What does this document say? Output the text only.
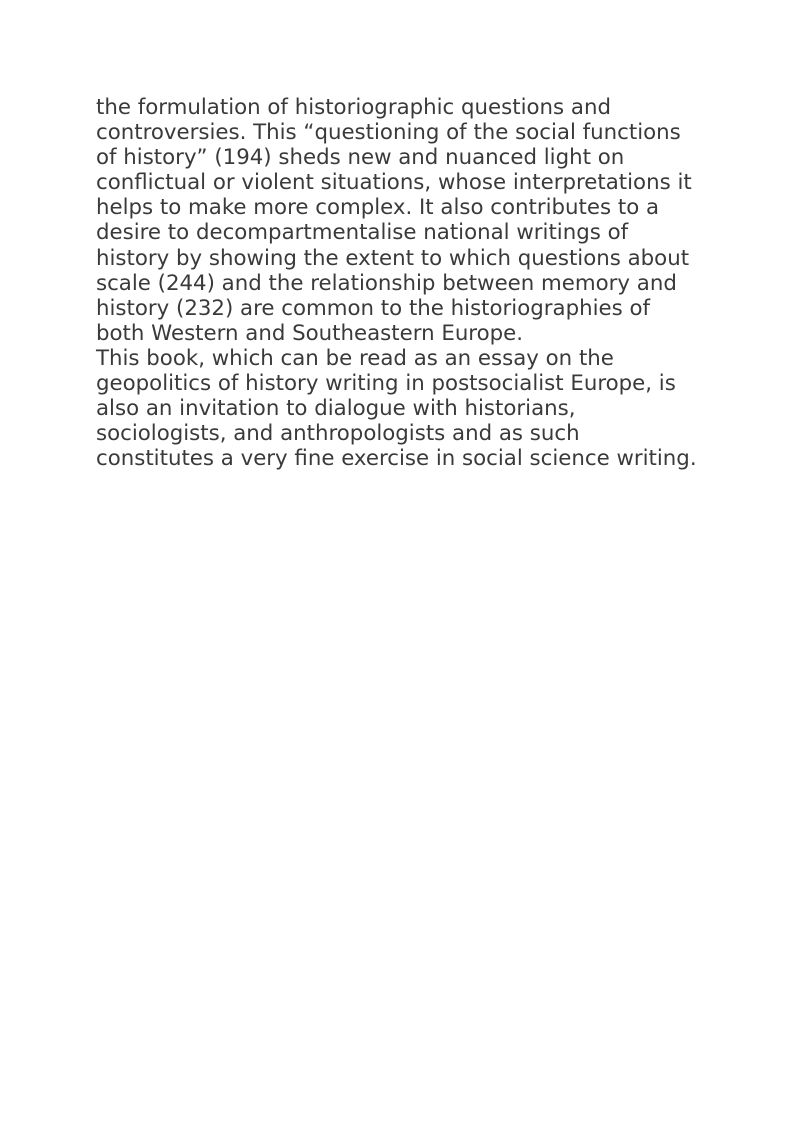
the formulation of historiographic questions and
controversies. This “questioning of the social functions
of history” (194) sheds new and nuanced light on
conflictual or violent situations, whose interpretations it
helps to make more complex. It also contributes to a
desire to decompartmentalise national writings of
history by showing the extent to which questions about
scale (244) and the relationship between memory and
history (232) are common to the historiographies of
both Western and Southeastern Europe.

This book, which can be read as an essay on the
geopolitics of history writing in postsocialist Europe, is
also an invitation to dialogue with historians,
sociologists, and anthropologists and as such
constitutes a very fine exercise in social science writing.
